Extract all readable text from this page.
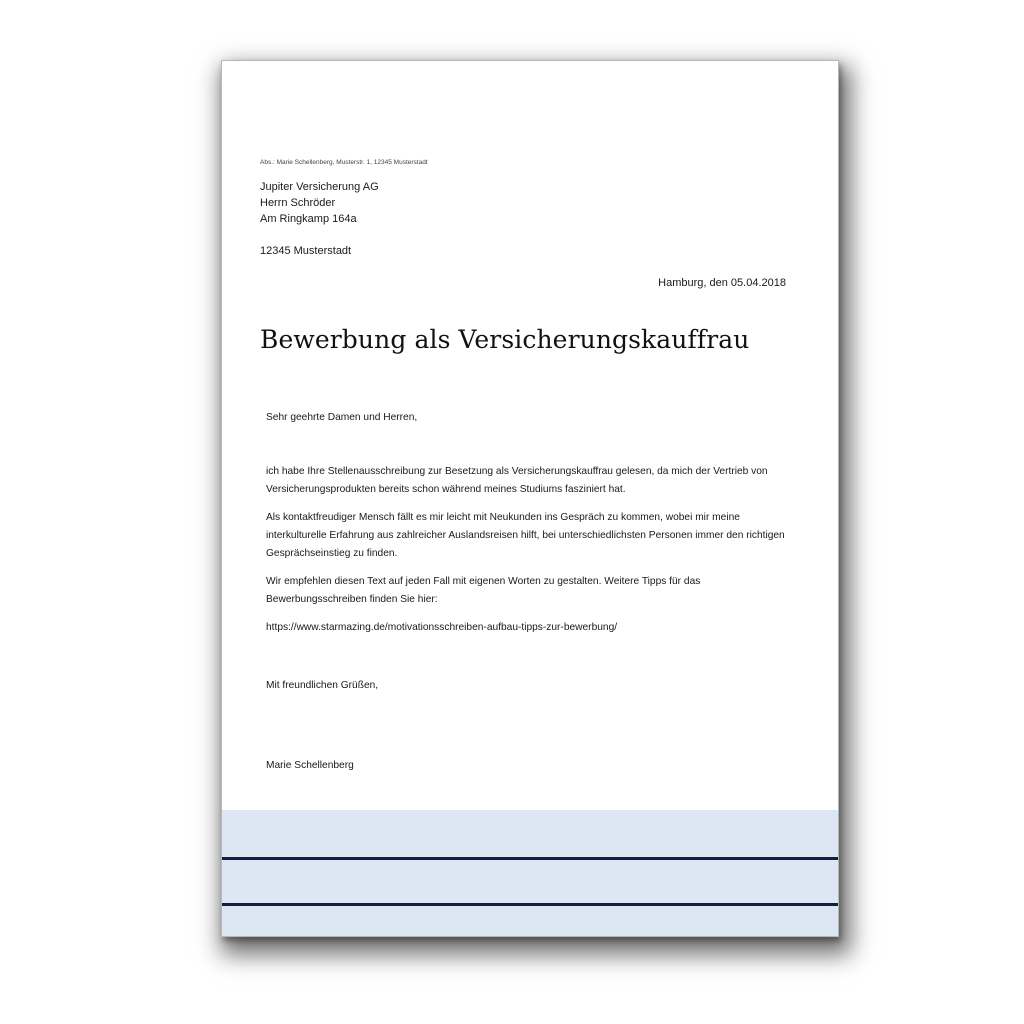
Abs.: Marie Schellenberg, Musterstr. 1, 12345 Musterstadt
Jupiter Versicherung AG
Herrn Schröder
Am Ringkamp 164a
12345 Musterstadt
Hamburg, den 05.04.2018
Bewerbung als Versicherungskauffrau

Sehr geehrte Damen und Herren,

ich habe Ihre Stellenausschreibung zur Besetzung als Versicherungskauffrau gelesen, da mich der Vertrieb von Versicherungsprodukten bereits schon während meines Studiums fasziniert hat.

Als kontaktfreudiger Mensch fällt es mir leicht mit Neukunden ins Gespräch zu kommen, wobei mir meine interkulturelle Erfahrung aus zahlreicher Auslandsreisen hilft, bei unterschiedlichsten Personen immer den richtigen Gesprächseinstieg zu finden.

Wir empfehlen diesen Text auf jeden Fall mit eigenen Worten zu gestalten. Weitere Tipps für das Bewerbungsschreiben finden Sie hier:

https://www.starmazing.de/motivationsschreiben-aufbau-tipps-zur-bewerbung/

Mit freundlichen Grüßen,

Marie Schellenberg
